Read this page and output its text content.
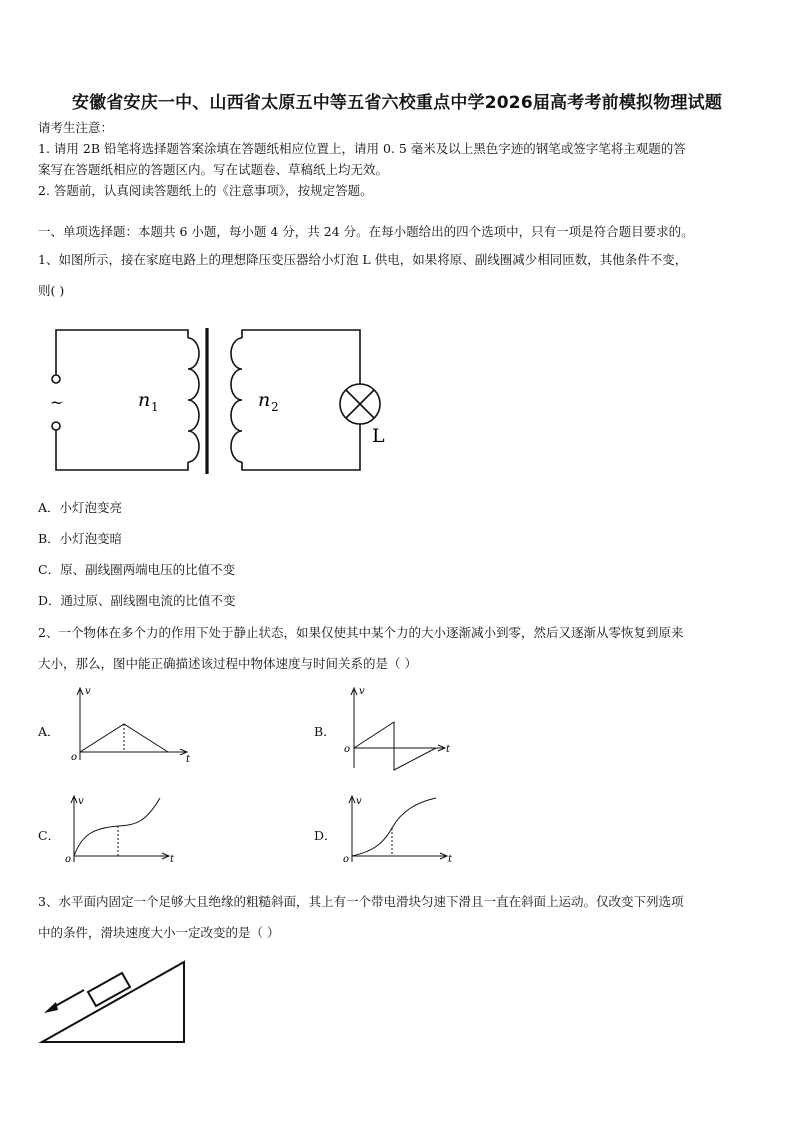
安徽省安庆一中、山西省太原五中等五省六校重点中学2026届高考考前模拟物理试题
请考生注意：
1. 请用 2B 铅笔将选择题答案涂填在答题纸相应位置上，请用 0. 5 毫米及以上黑色字迹的钢笔或签字笔将主观题的答
案写在答题纸相应的答题区内。写在试题卷、草稿纸上均无效。
2. 答题前，认真阅读答题纸上的《注意事项》，按规定答题。
一、单项选择题：本题共 6 小题，每小题 4 分，共 24 分。在每小题给出的四个选项中，只有一项是符合题目要求的。
1、如图所示，接在家庭电路上的理想降压变压器给小灯泡 L 供电，如果将原、副线圈减少相同匝数，其他条件不变，
则( )
~	n 1	n 2
L
A．小灯泡变亮
B．小灯泡变暗
C．原、副线圈两端电压的比值不变
D．通过原、副线圈电流的比值不变
2、一个物体在多个力的作用下处于静止状态，如果仅使其中某个力的大小逐渐减小到零，然后又逐渐从零恢复到原来
大小，那么，图中能正确描述该过程中物体速度与时间关系的是（ ）
A．	B．
C．	D．
v
t
o
v
t
o
v
t
o
v
t
o
3、水平面内固定一个足够大且绝缘的粗糙斜面，其上有一个带电滑块匀速下滑且一直在斜面上运动。仅改变下列选项
中的条件，滑块速度大小一定改变的是（ ）
